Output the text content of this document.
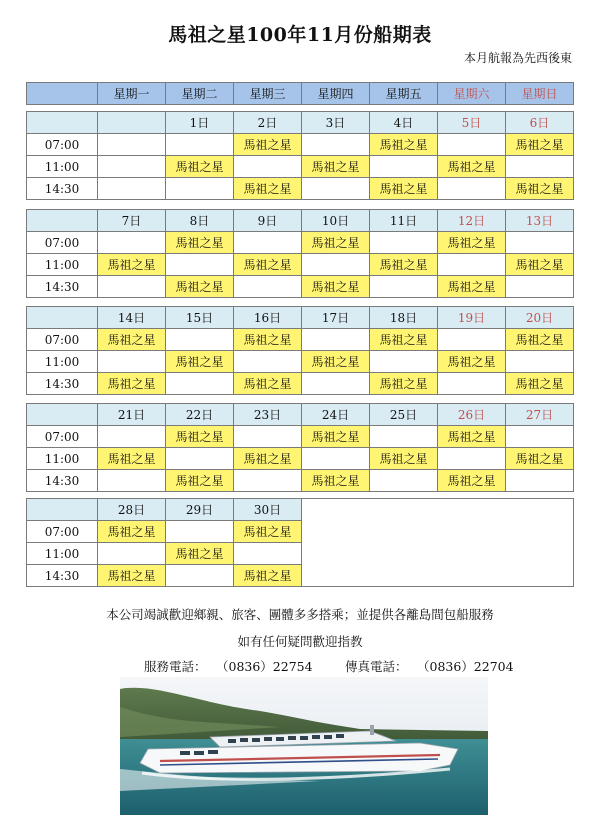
馬祖之星100年11月份船期表
本月航報為先西後東
	星期一	星期二	星期三	星期四	星期五	星期六	星期日
		1日	2日	3日	4日	5日	6日
07:00			馬祖之星		馬祖之星		馬祖之星
11:00		馬祖之星		馬祖之星		馬祖之星	
14:30			馬祖之星		馬祖之星		馬祖之星
	7日	8日	9日	10日	11日	12日	13日
07:00		馬祖之星		馬祖之星		馬祖之星	
11:00	馬祖之星		馬祖之星		馬祖之星		馬祖之星
14:30		馬祖之星		馬祖之星		馬祖之星	
	14日	15日	16日	17日	18日	19日	20日
07:00	馬祖之星		馬祖之星		馬祖之星		馬祖之星
11:00		馬祖之星		馬祖之星		馬祖之星	
14:30	馬祖之星		馬祖之星		馬祖之星		馬祖之星
	21日	22日	23日	24日	25日	26日	27日
07:00		馬祖之星		馬祖之星		馬祖之星	
11:00	馬祖之星		馬祖之星		馬祖之星		馬祖之星
14:30		馬祖之星		馬祖之星		馬祖之星	
	28日	29日	30日	
07:00	馬祖之星		馬祖之星	
11:00		馬祖之星		
14:30	馬祖之星		馬祖之星	
本公司竭誠歡迎鄉親、旅客、團體多多搭乘；並提供各離島間包船服務
如有任何疑問歡迎指教
服務電話： （0836）22754	傳真電話： （0836）22704
